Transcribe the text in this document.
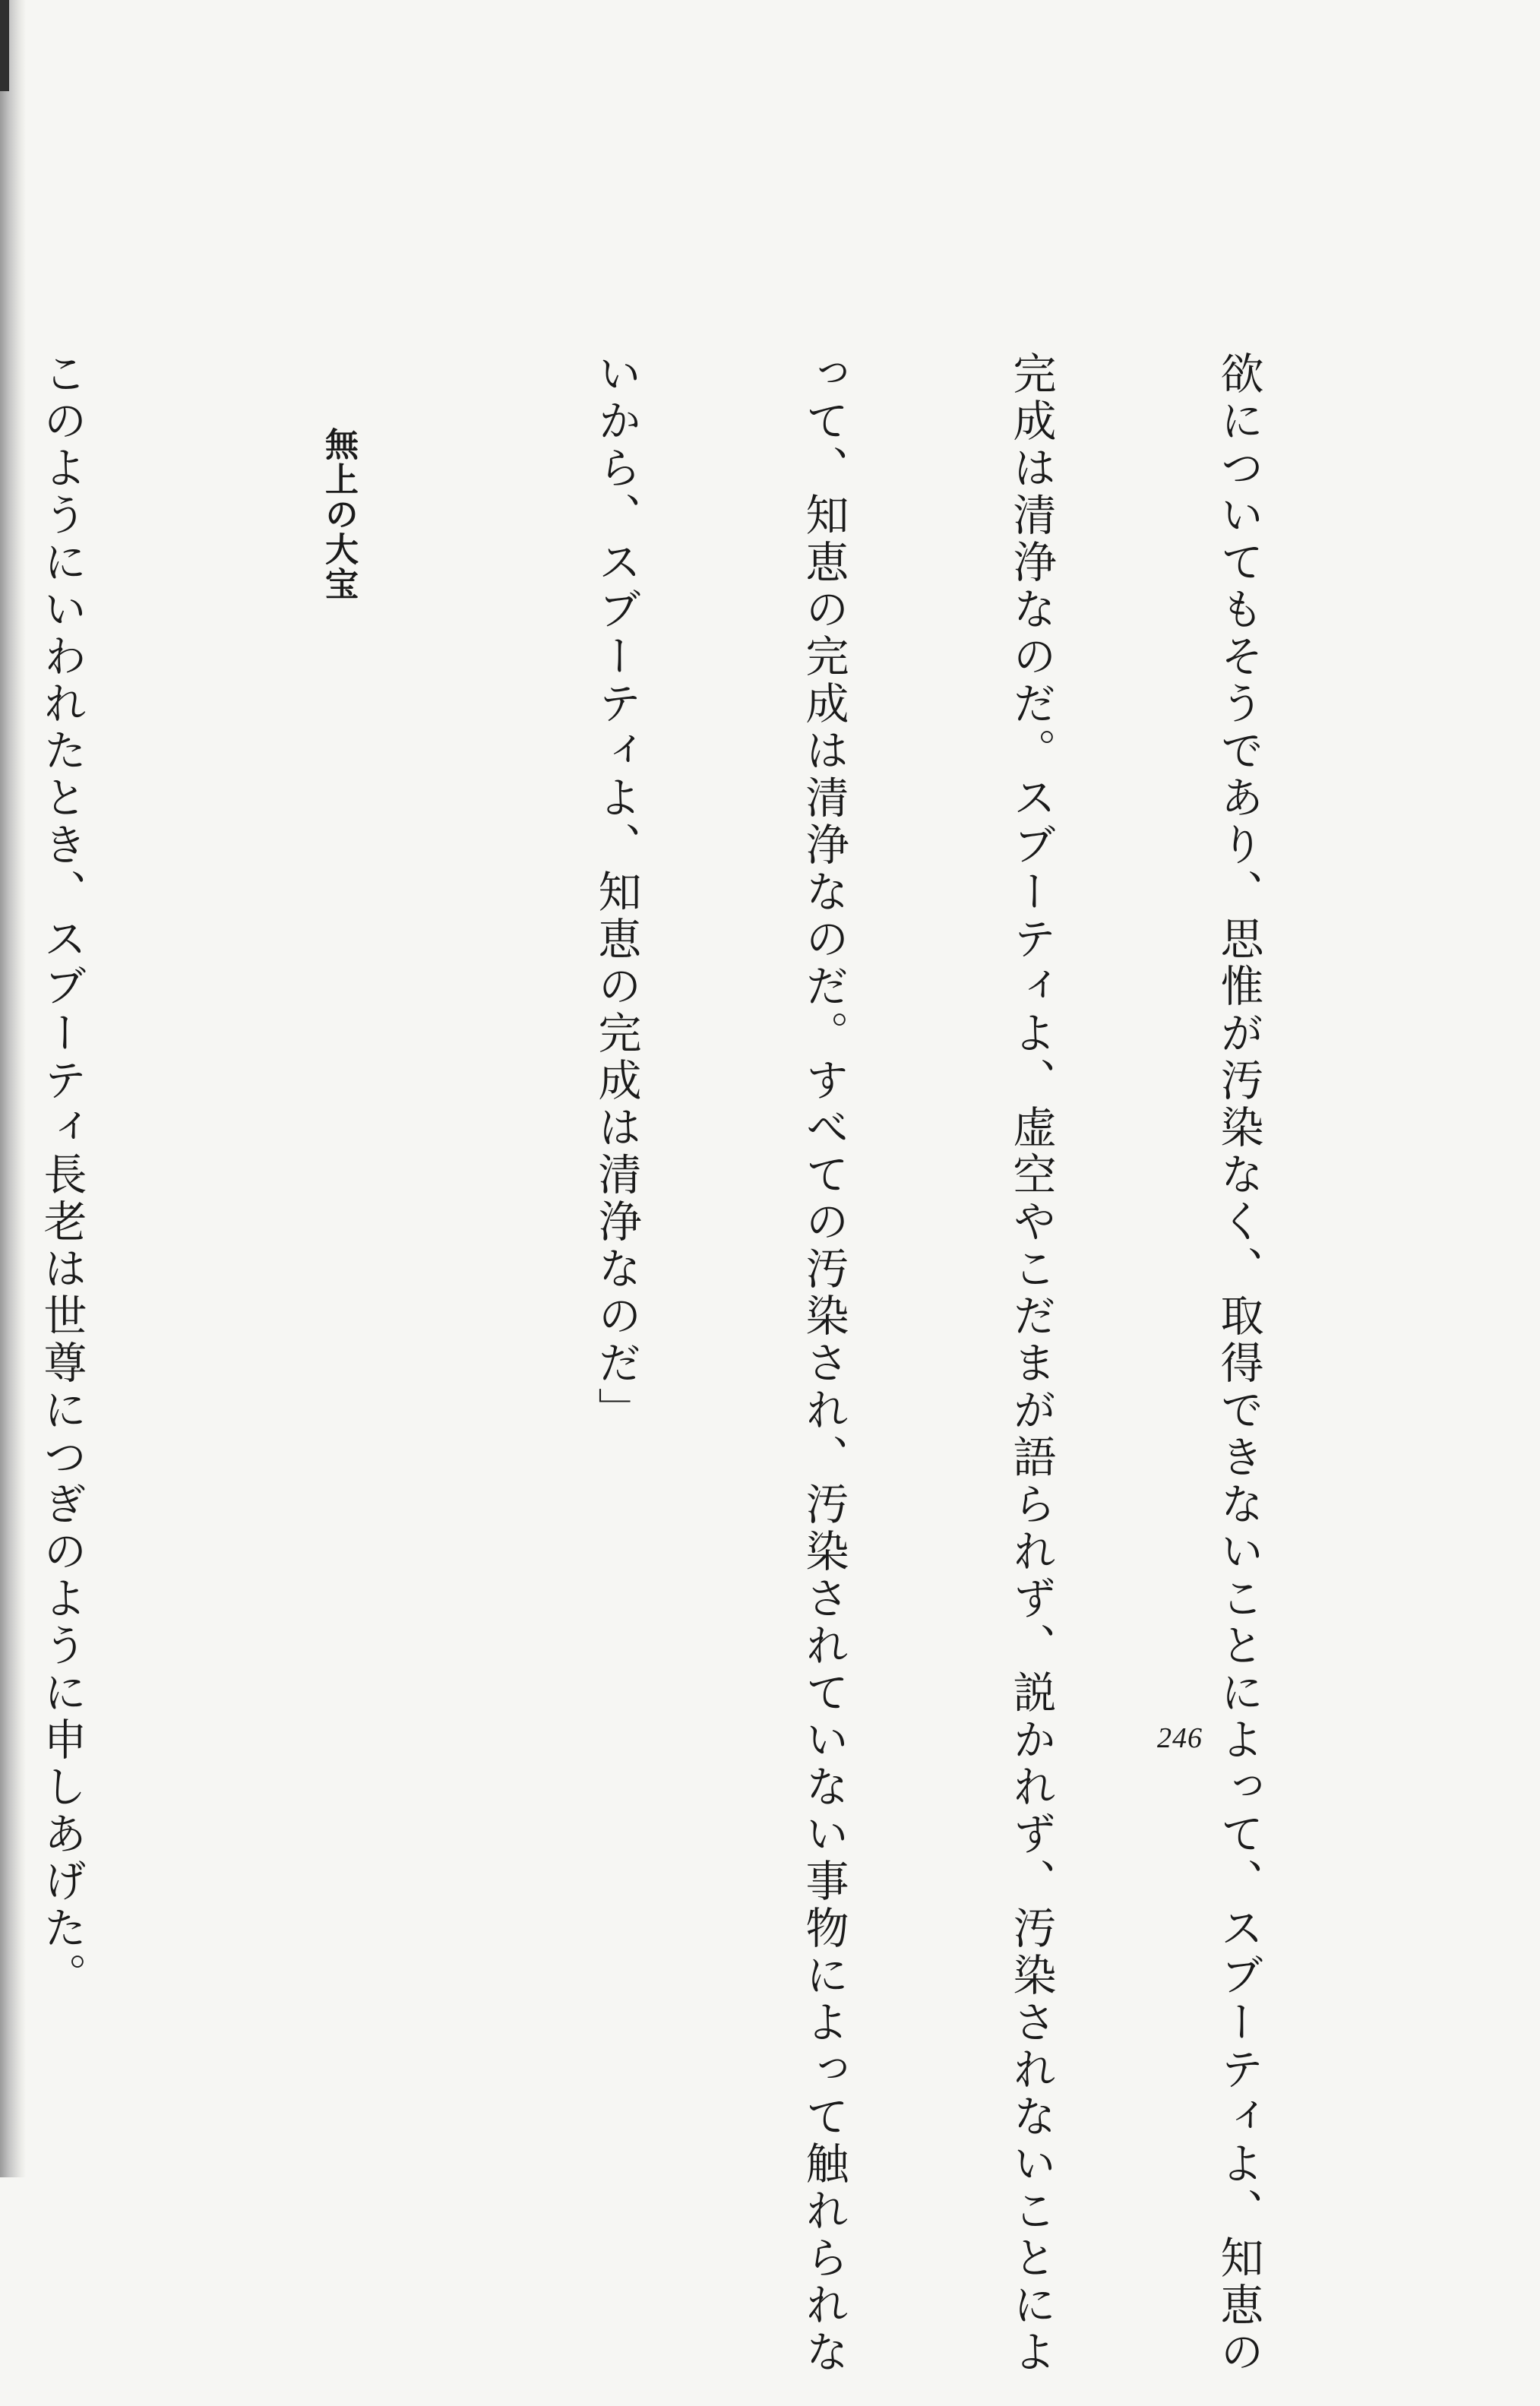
欲についてもそうであり、思惟が汚染なく、取得できないことによって、スブーティよ、知恵の

完成は清浄なのだ。スブーティよ、虚空やこだまが語られず、説かれず、汚染されないことによ

って、知恵の完成は清浄なのだ。すべての汚染され、汚染されていない事物によって触れられな

いから、スブーティよ、知恵の完成は清浄なのだ」

無上の大宝

このようにいわれたとき、スブーティ長老は世尊につぎのように申しあげた。

	246
